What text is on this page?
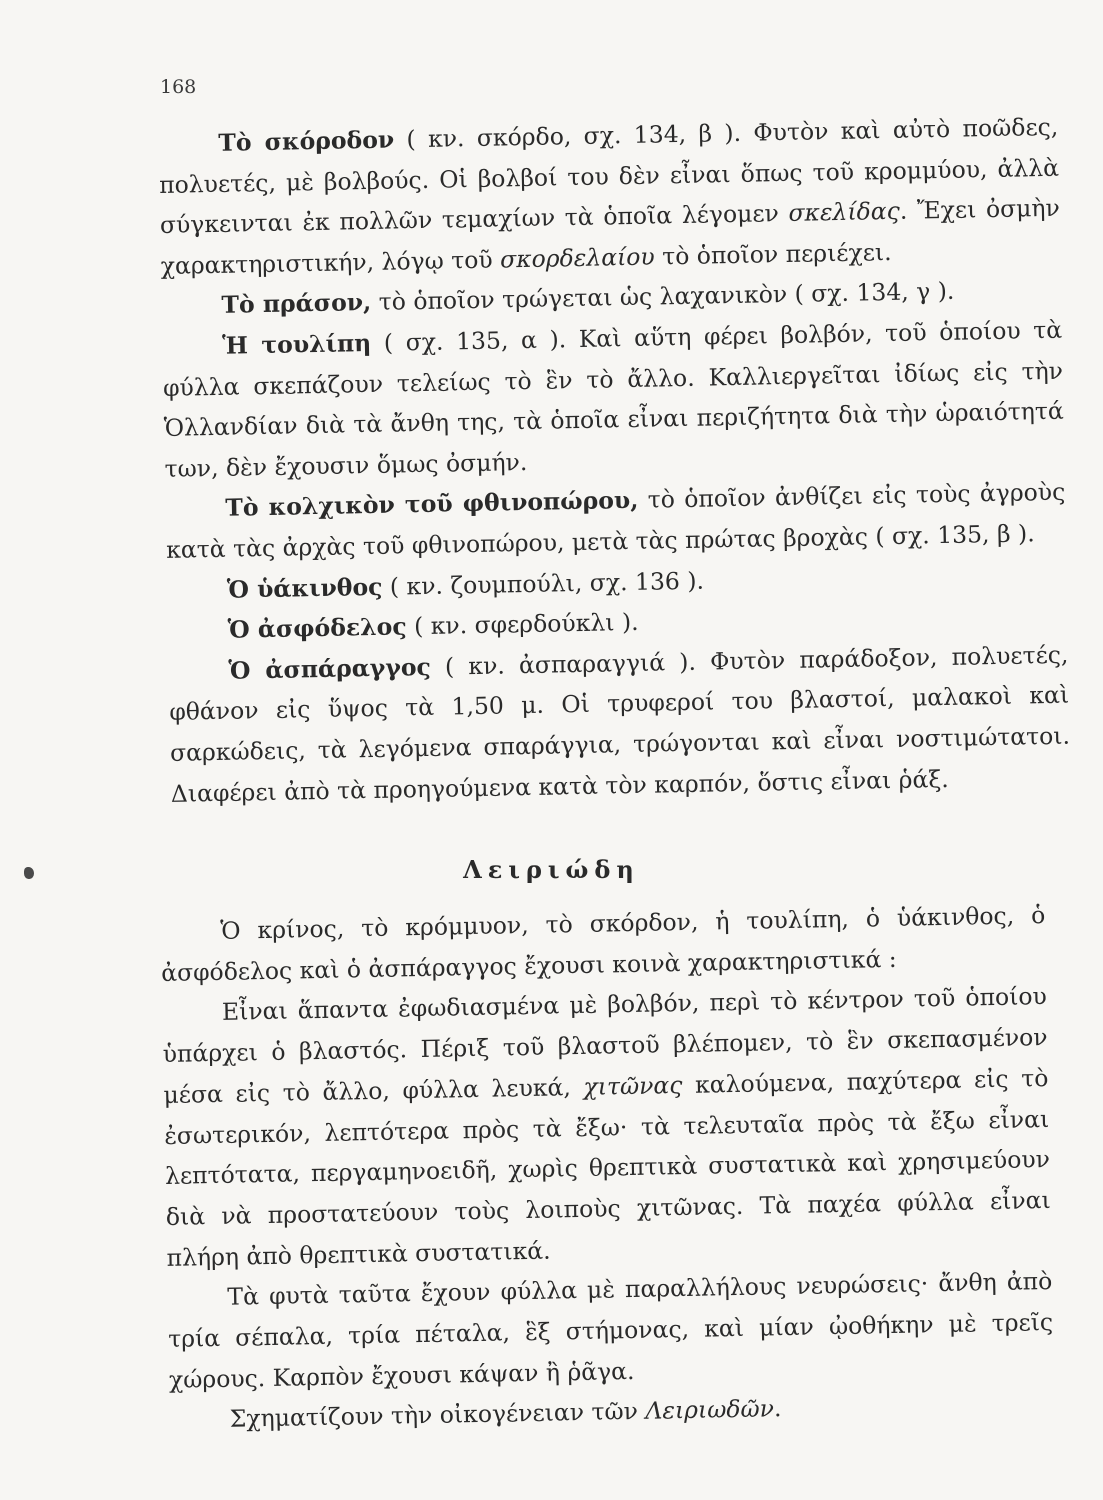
168

Τὸ σκόροδον ( κν. σκόρδο, σχ. 134, β ). Φυτὸν καὶ αὐτὸ ποῶδες, πολυετές, μὲ βολβούς. Οἱ βολβοί του δὲν εἶναι ὅπως τοῦ κρομμύου, ἀλλὰ σύγκεινται ἐκ πολλῶν τεμαχίων τὰ ὁποῖα λέγομεν σκελίδας. Ἔχει ὀσμὴν χαρακτηριστικήν, λόγῳ τοῦ σκορδελαίου τὸ ὁποῖον περιέχει.

Τὸ πράσον, τὸ ὁποῖον τρώγεται ὡς λαχανικὸν ( σχ. 134, γ ).

Ἡ τουλίπη ( σχ. 135, α ). Καὶ αὕτη φέρει βολβόν, τοῦ ὁποίου τὰ φύλλα σκεπάζουν τελείως τὸ ἓν τὸ ἄλλο. Καλλιεργεῖται ἰδίως εἰς τὴν Ὁλλανδίαν διὰ τὰ ἄνθη της, τὰ ὁποῖα εἶναι περιζήτητα διὰ τὴν ὡραιότητά των, δὲν ἔχουσιν ὅμως ὀσμήν.

Τὸ κολχικὸν τοῦ φθινοπώρου, τὸ ὁποῖον ἀνθίζει εἰς τοὺς ἀγροὺς κατὰ τὰς ἀρχὰς τοῦ φθινοπώρου, μετὰ τὰς πρώτας βροχὰς ( σχ. 135, β ).

Ὁ ὑάκινθος ( κν. ζουμπούλι, σχ. 136 ).

Ὁ ἀσφόδελος ( κν. σφερδούκλι ).

Ὁ ἀσπάραγγος ( κν. ἀσπαραγγιά ). Φυτὸν παράδοξον, πολυετές, φθάνον εἰς ὕψος τὰ 1,50 μ. Οἱ τρυφεροί του βλαστοί, μαλακοὶ καὶ σαρκώδεις, τὰ λεγόμενα σπαράγγια, τρώγονται καὶ εἶναι νοστιμώτατοι. Διαφέρει ἀπὸ τὰ προηγούμενα κατὰ τὸν καρπόν, ὅστις εἶναι ῥάξ.

Λειριώδη

Ὁ κρίνος, τὸ κρόμμυον, τὸ σκόρδον, ἡ τουλίπη, ὁ ὑάκινθος, ὁ ἀσφόδελος καὶ ὁ ἀσπάραγγος ἔχουσι κοινὰ χαρακτηριστικά :

Εἶναι ἅπαντα ἐφωδιασμένα μὲ βολβόν, περὶ τὸ κέντρον τοῦ ὁποίου ὑπάρχει ὁ βλαστός. Πέριξ τοῦ βλαστοῦ βλέπομεν, τὸ ἓν σκεπασμένον μέσα εἰς τὸ ἄλλο, φύλλα λευκά, χιτῶνας καλούμενα, παχύτερα εἰς τὸ ἐσωτερικόν, λεπτότερα πρὸς τὰ ἔξω· τὰ τελευταῖα πρὸς τὰ ἔξω εἶναι λεπτότατα, περγαμηνοειδῆ, χωρὶς θρεπτικὰ συστατικὰ καὶ χρησιμεύουν διὰ νὰ προστατεύουν τοὺς λοιποὺς χιτῶνας. Τὰ παχέα φύλλα εἶναι πλήρη ἀπὸ θρεπτικὰ συστατικά.

Τὰ φυτὰ ταῦτα ἔχουν φύλλα μὲ παραλλήλους νευρώσεις· ἄνθη ἀπὸ τρία σέπαλα, τρία πέταλα, ἓξ στήμονας, καὶ μίαν ᾠοθήκην μὲ τρεῖς χώρους. Καρπὸν ἔχουσι κάψαν ἢ ῥᾶγα.

Σχηματίζουν τὴν οἰκογένειαν τῶν Λειριωδῶν.
